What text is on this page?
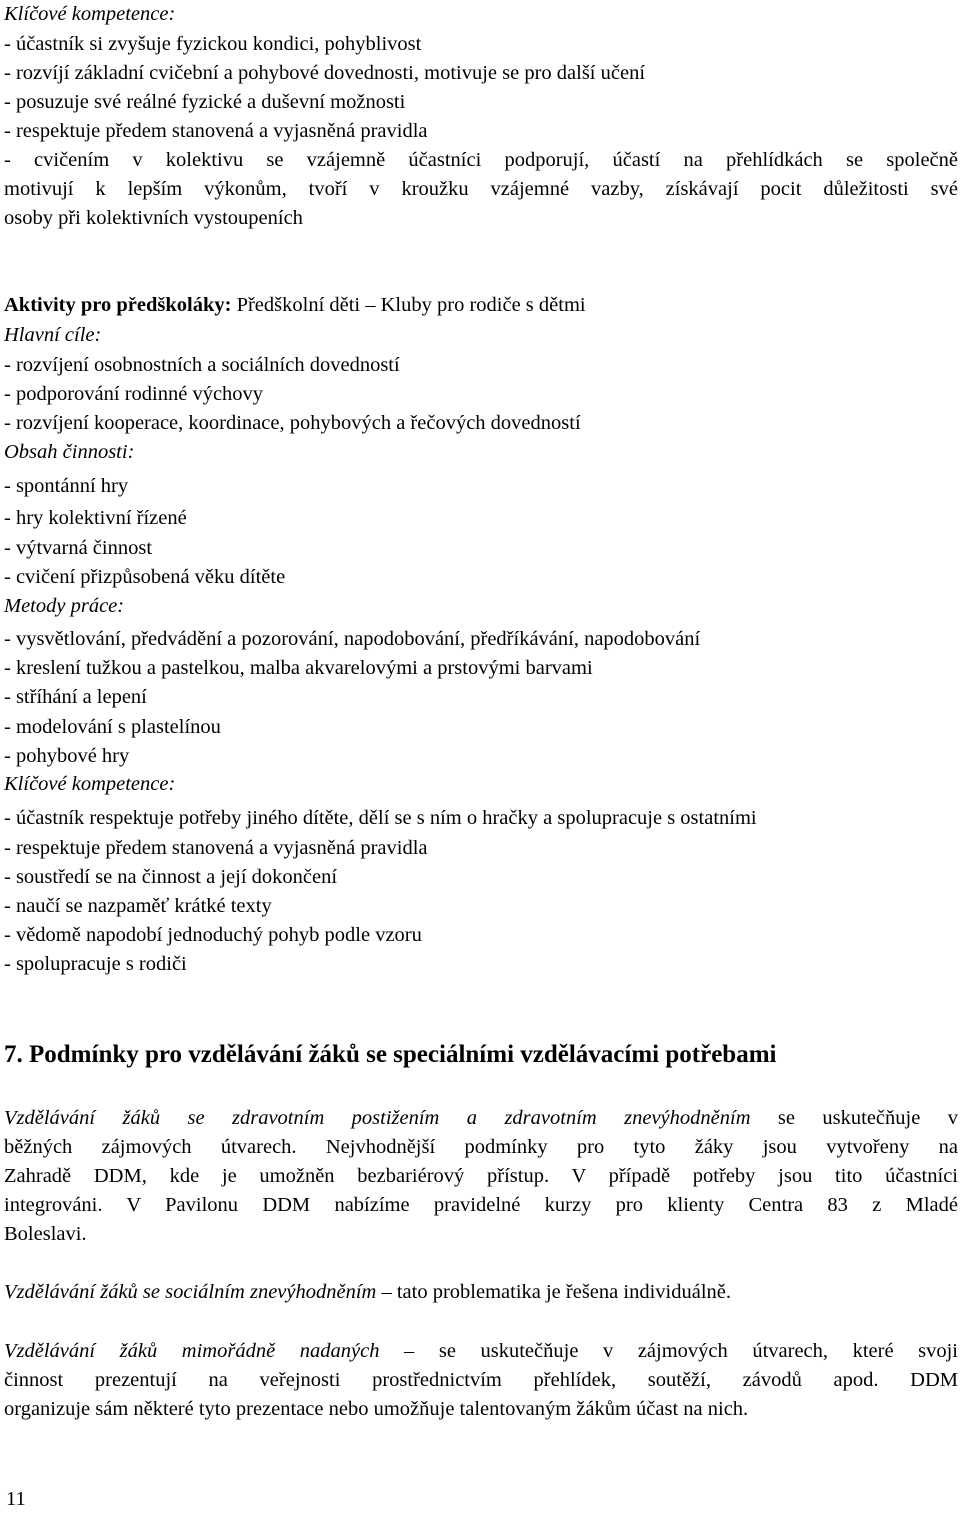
Klíčové kompetence:
- účastník si zvyšuje fyzickou kondici, pohyblivost
- rozvíjí základní cvičební a pohybové dovednosti, motivuje se pro další učení
- posuzuje své reálné fyzické a duševní možnosti
- respektuje předem stanovená a vyjasněná pravidla
- cvičením v kolektivu se vzájemně účastníci podporují, účastí na přehlídkách se společně
motivují k lepším výkonům, tvoří v kroužku vzájemné vazby, získávají pocit důležitosti své
osoby při kolektivních vystoupeních
Aktivity pro předškoláky: Předškolní děti – Kluby pro rodiče s dětmi
Hlavní cíle:
- rozvíjení osobnostních a sociálních dovedností
- podporování rodinné výchovy
- rozvíjení kooperace, koordinace, pohybových a řečových dovedností
Obsah činnosti:
- spontánní hry
- hry kolektivní řízené
- výtvarná činnost
- cvičení přizpůsobená věku dítěte
Metody práce:
- vysvětlování, předvádění a pozorování, napodobování, předříkávání, napodobování
- kreslení tužkou a pastelkou, malba akvarelovými a prstovými barvami
- stříhání a lepení
- modelování s plastelínou
- pohybové hry
Klíčové kompetence:
- účastník respektuje potřeby jiného dítěte, dělí se s ním o hračky a spolupracuje s ostatními
- respektuje předem stanovená a vyjasněná pravidla
- soustředí se na činnost a její dokončení
- naučí se nazpaměť krátké texty
- vědomě napodobí jednoduchý pohyb podle vzoru
- spolupracuje s rodiči
7. Podmínky pro vzdělávání žáků se speciálními vzdělávacími potřebami
Vzdělávání žáků se zdravotním postižením a zdravotním znevýhodněním se uskutečňuje v
běžných zájmových útvarech. Nejvhodnější podmínky pro tyto žáky jsou vytvořeny na
Zahradě DDM, kde je umožněn bezbariérový přístup. V případě potřeby jsou tito účastníci
integrováni. V Pavilonu DDM nabízíme pravidelné kurzy pro klienty Centra 83 z Mladé
Boleslavi.
Vzdělávání žáků se sociálním znevýhodněním – tato problematika je řešena individuálně.
Vzdělávání žáků mimořádně nadaných – se uskutečňuje v zájmových útvarech, které svoji
činnost prezentují na veřejnosti prostřednictvím přehlídek, soutěží, závodů apod. DDM
organizuje sám některé tyto prezentace nebo umožňuje talentovaným žákům účast na nich.
11
